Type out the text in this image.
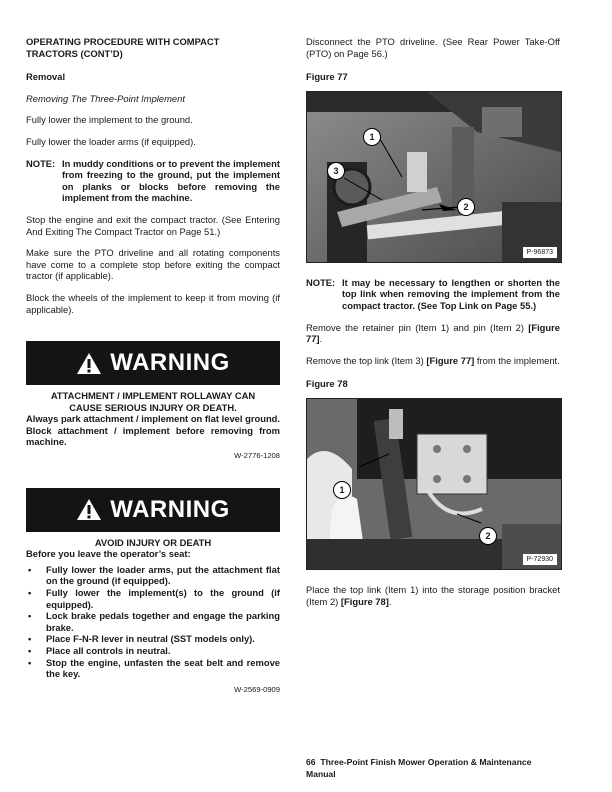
OPERATING PROCEDURE WITH COMPACT
TRACTORS (CONT’D)

Removal

Removing The Three-Point Implement

Fully lower the implement to the ground.

Fully lower the loader arms (if equipped).

NOTE: In muddy conditions or to prevent the implement from freezing to the ground, put the implement on planks or blocks before removing the implement from the machine.

Stop the engine and exit the compact tractor. (See Entering And Exiting The Compact Tractor on Page 51.)

Make sure the PTO driveline and all rotating components have come to a complete stop before exiting the compact tractor (if applicable).

Block the wheels of the implement to keep it from moving (if applicable).

WARNING

ATTACHMENT / IMPLEMENT ROLLAWAY CAN CAUSE SERIOUS INJURY OR DEATH.

Always park attachment / implement on flat level ground. Block attachment / implement before removing from machine.

W-2776-1208

WARNING

AVOID INJURY OR DEATH

Before you leave the operator’s seat:

• Fully lower the loader arms, put the attachment flat on the ground (if equipped).
• Fully lower the implement(s) to the ground (if equipped).
• Lock brake pedals together and engage the parking brake.
• Place F-N-R lever in neutral (SST models only).
• Place all controls in neutral.
• Stop the engine, unfasten the seat belt and remove the key.

W-2569-0909

Disconnect the PTO driveline. (See Rear Power Take-Off (PTO) on Page 56.)

Figure 77

1
2
3
P-96873
NOTE: It may be necessary to lengthen or shorten the top link when removing the implement from the compact tractor. (See Top Link on Page 55.)

Remove the retainer pin (Item 1) and pin (Item 2) [Figure 77].

Remove the top link (Item 3) [Figure 77] from the implement.

Figure 78

1
2
P-72930

Place the top link (Item 1) into the storage position bracket (Item 2) [Figure 78].

66 Three-Point Finish Mower Operation & Maintenance Manual
